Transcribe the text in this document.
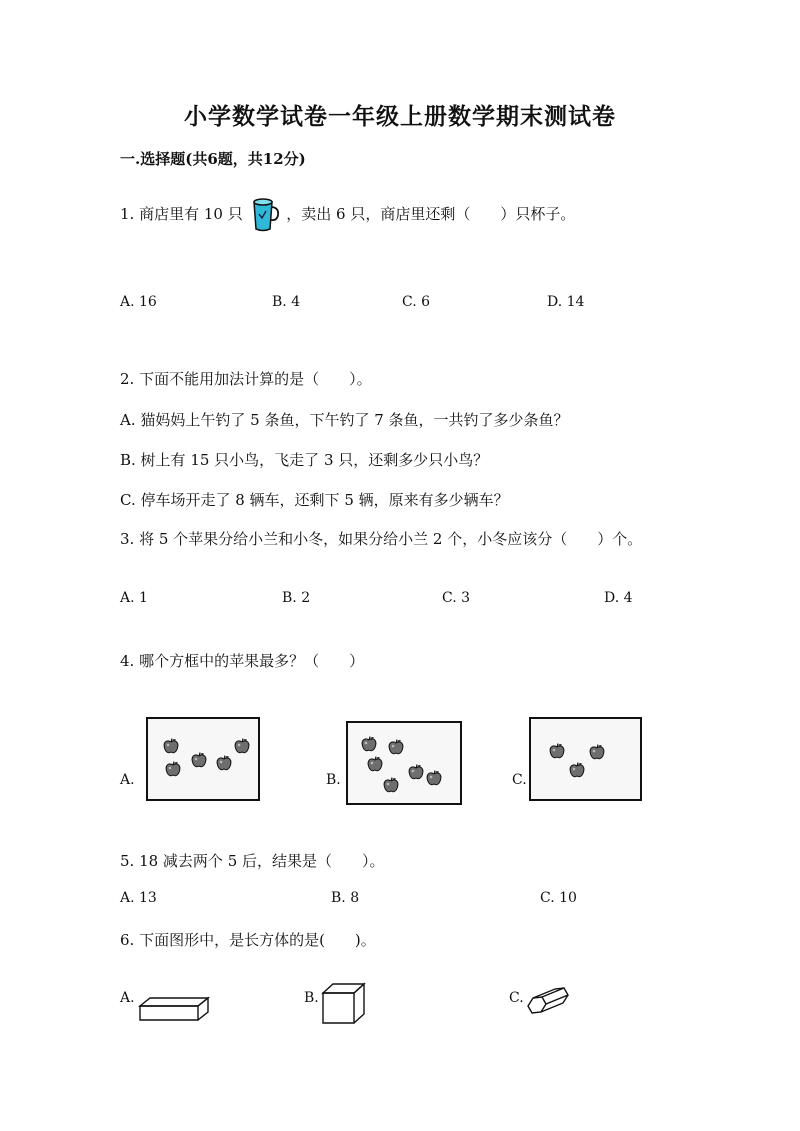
小学数学试卷一年级上册数学期末测试卷
一.选择题(共6题，共12分)
1. 商店里有 10 只	，卖出 6 只，商店里还剩（　　）只杯子。
A. 16	B. 4	C. 6	D. 14
2. 下面不能用加法计算的是（　　）。
A. 猫妈妈上午钓了 5 条鱼，下午钓了 7 条鱼，一共钓了多少条鱼？
B. 树上有 15 只小鸟，飞走了 3 只，还剩多少只小鸟？
C. 停车场开走了 8 辆车，还剩下 5 辆，原来有多少辆车？
3. 将 5 个苹果分给小兰和小冬，如果分给小兰 2 个，小冬应该分（　　）个。
A. 1	B. 2	C. 3	D. 4
4. 哪个方框中的苹果最多？（　　）
A.	B.	C.
5. 18 减去两个 5 后，结果是（　　）。
A. 13	B. 8	C. 10
6. 下面图形中，是长方体的是(　　)。
A.	B.	C.
